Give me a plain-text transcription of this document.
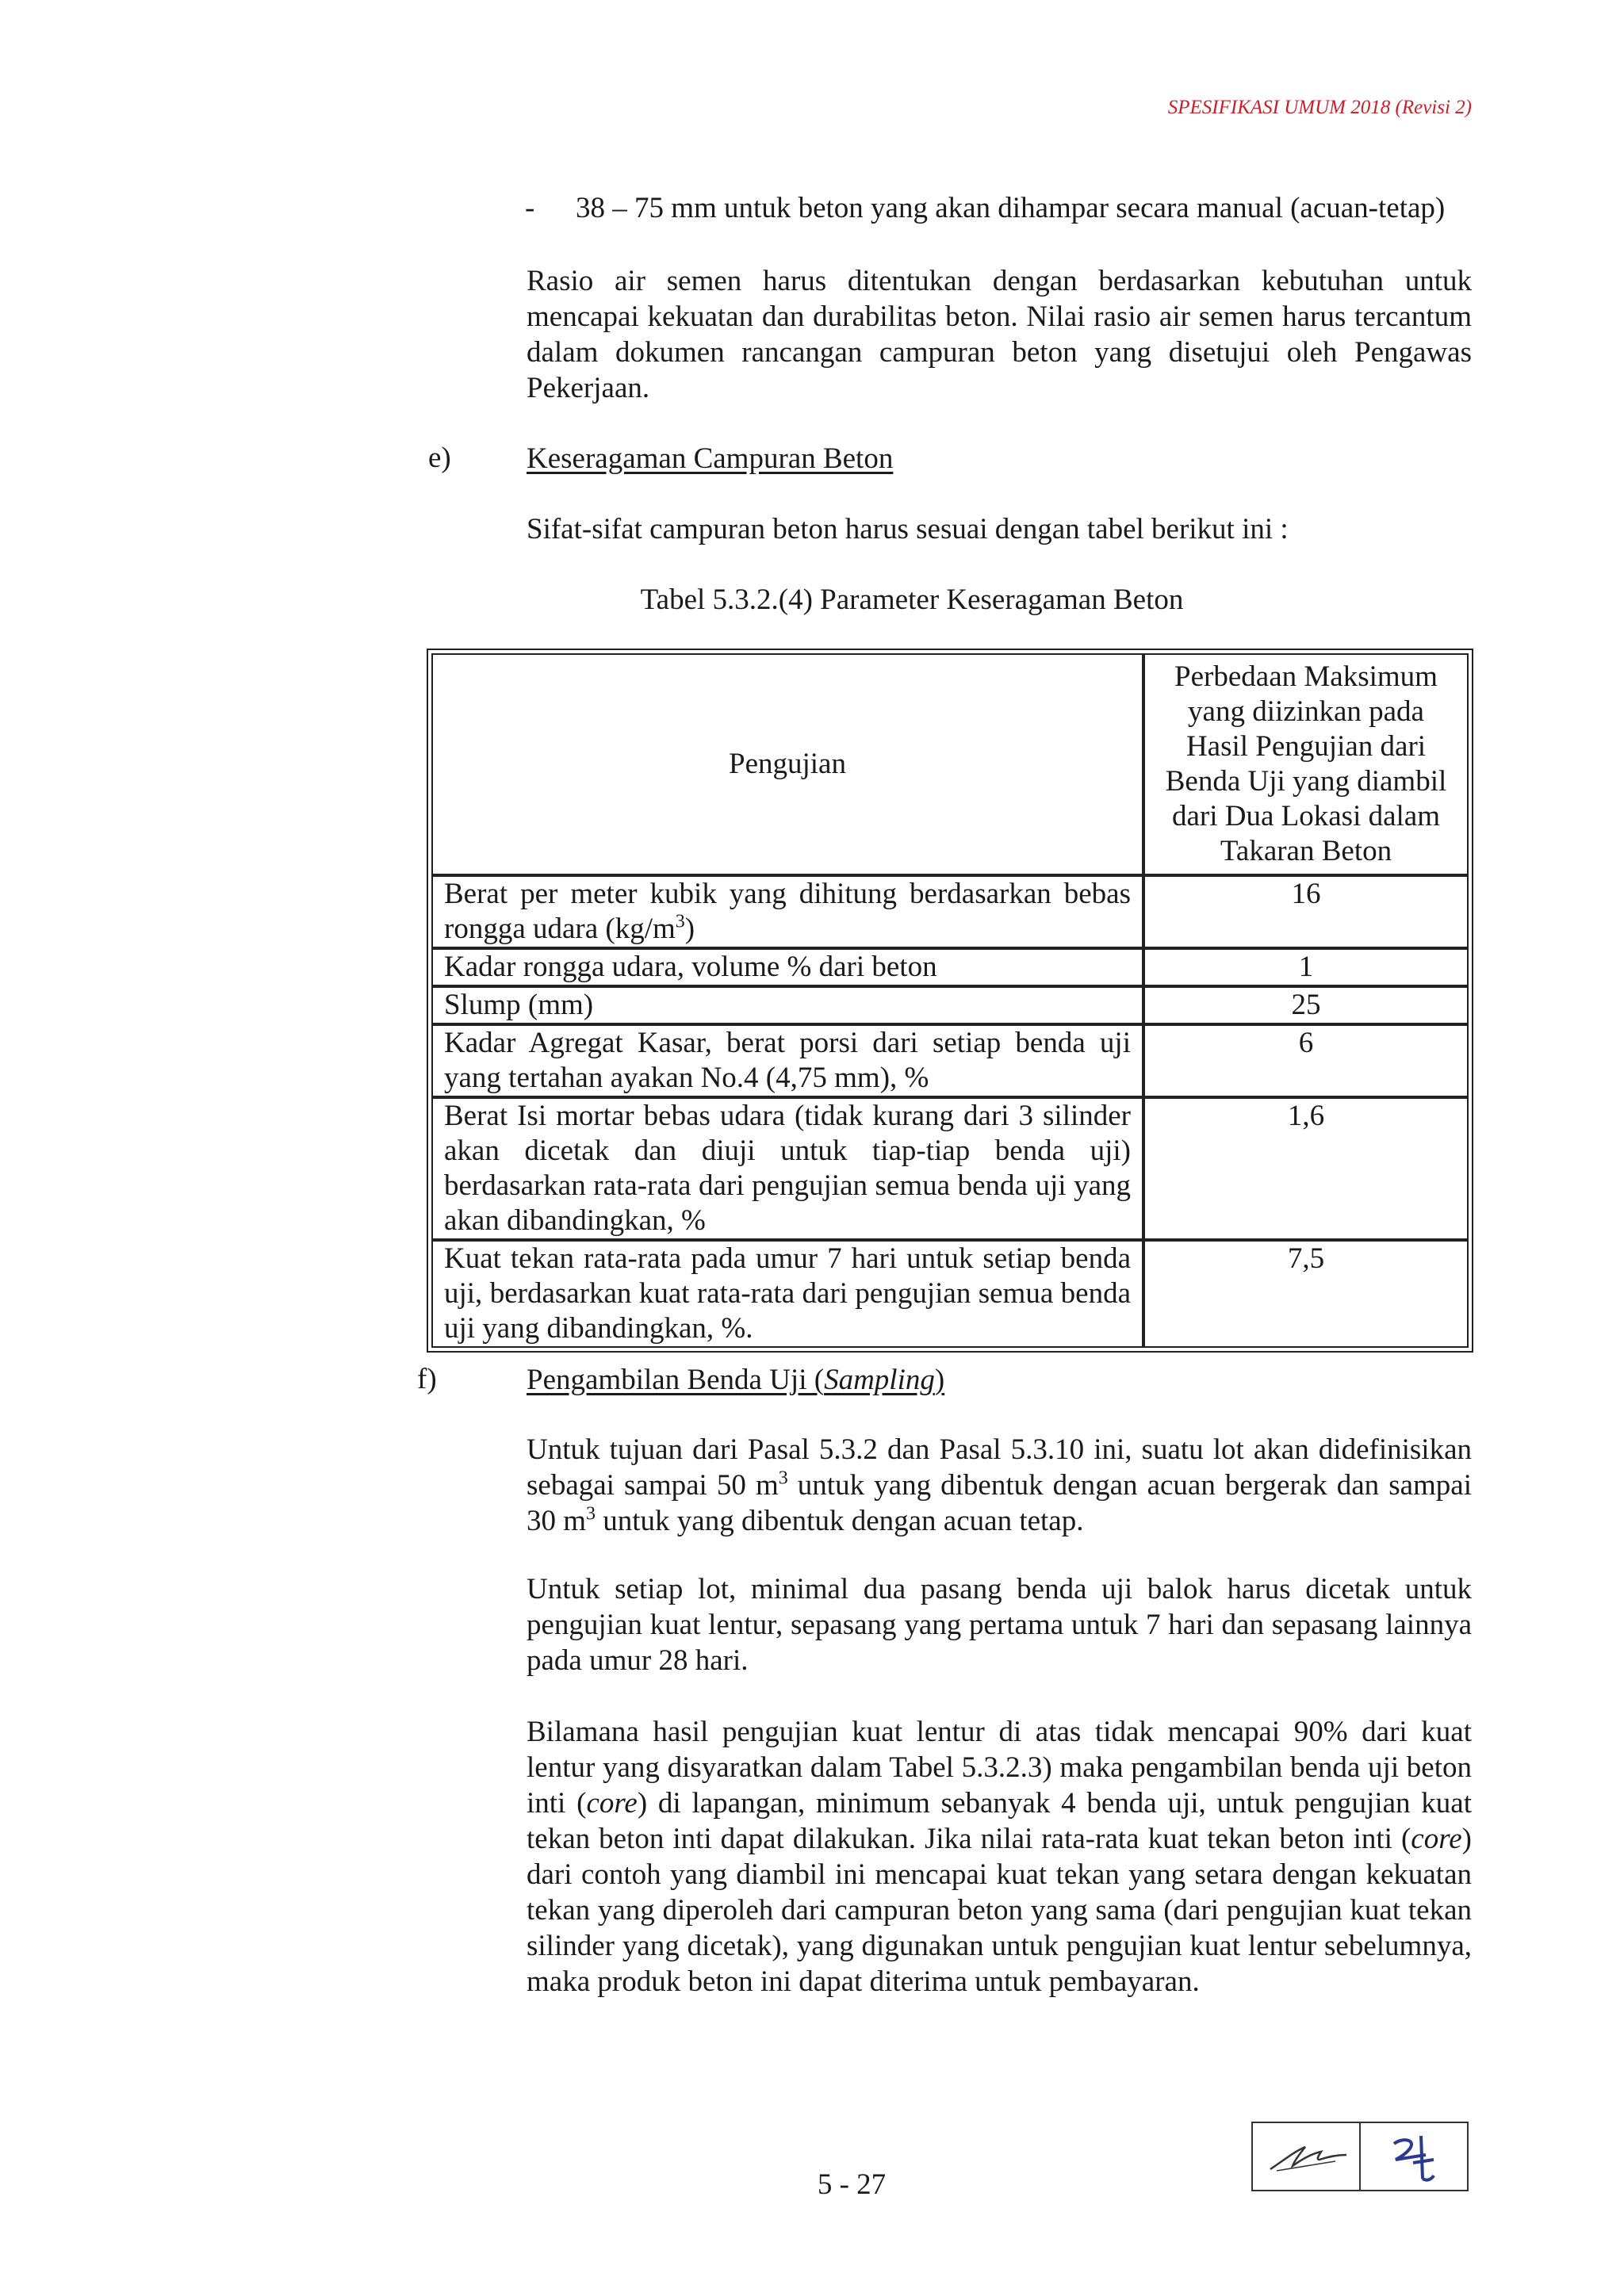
SPESIFIKASI UMUM 2018 (Revisi 2)
- 38 – 75 mm untuk beton yang akan dihampar secara manual (acuan-tetap)
Rasio air semen harus ditentukan dengan berdasarkan kebutuhan untuk mencapai kekuatan dan durabilitas beton. Nilai rasio air semen harus tercantum dalam dokumen rancangan campuran beton yang disetujui oleh Pengawas Pekerjaan.
e)	Keseragaman Campuran Beton
Sifat-sifat campuran beton harus sesuai dengan tabel berikut ini :
Tabel 5.3.2.(4) Parameter Keseragaman Beton
Pengujian	Perbedaan Maksimum yang diizinkan pada Hasil Pengujian dari Benda Uji yang diambil dari Dua Lokasi dalam Takaran Beton
Berat per meter kubik yang dihitung berdasarkan bebas rongga udara $(kg/m^3)$	16
Kadar rongga udara, volume % dari beton	1
Slump (mm)	25
Kadar Agregat Kasar, berat porsi dari setiap benda uji yang tertahan ayakan No.4 (4,75 mm), %	6
Berat Isi mortar bebas udara (tidak kurang dari 3 silinder akan dicetak dan diuji untuk tiap-tiap benda uji) berdasarkan rata-rata dari pengujian semua benda uji yang akan dibandingkan, %	1,6
Kuat tekan rata-rata pada umur 7 hari untuk setiap benda uji, berdasarkan kuat rata-rata dari pengujian semua benda uji yang dibandingkan, %.	7,5
f)	Pengambilan Benda Uji (Sampling)
Untuk tujuan dari Pasal 5.3.2 dan Pasal 5.3.10 ini, suatu lot akan didefinisikan sebagai sampai 50 $m^3$ untuk yang dibentuk dengan acuan bergerak dan sampai 30 $m^3$ untuk yang dibentuk dengan acuan tetap.
Untuk setiap lot, minimal dua pasang benda uji balok harus dicetak untuk pengujian kuat lentur, sepasang yang pertama untuk 7 hari dan sepasang lainnya pada umur 28 hari.
Bilamana hasil pengujian kuat lentur di atas tidak mencapai 90% dari kuat lentur yang disyaratkan dalam Tabel 5.3.2.3) maka pengambilan benda uji beton inti (core) di lapangan, minimum sebanyak 4 benda uji, untuk pengujian kuat tekan beton inti dapat dilakukan. Jika nilai rata-rata kuat tekan beton inti (core) dari contoh yang diambil ini mencapai kuat tekan yang setara dengan kekuatan tekan yang diperoleh dari campuran beton yang sama (dari pengujian kuat tekan silinder yang dicetak), yang digunakan untuk pengujian kuat lentur sebelumnya, maka produk beton ini dapat diterima untuk pembayaran.
5 - 27
